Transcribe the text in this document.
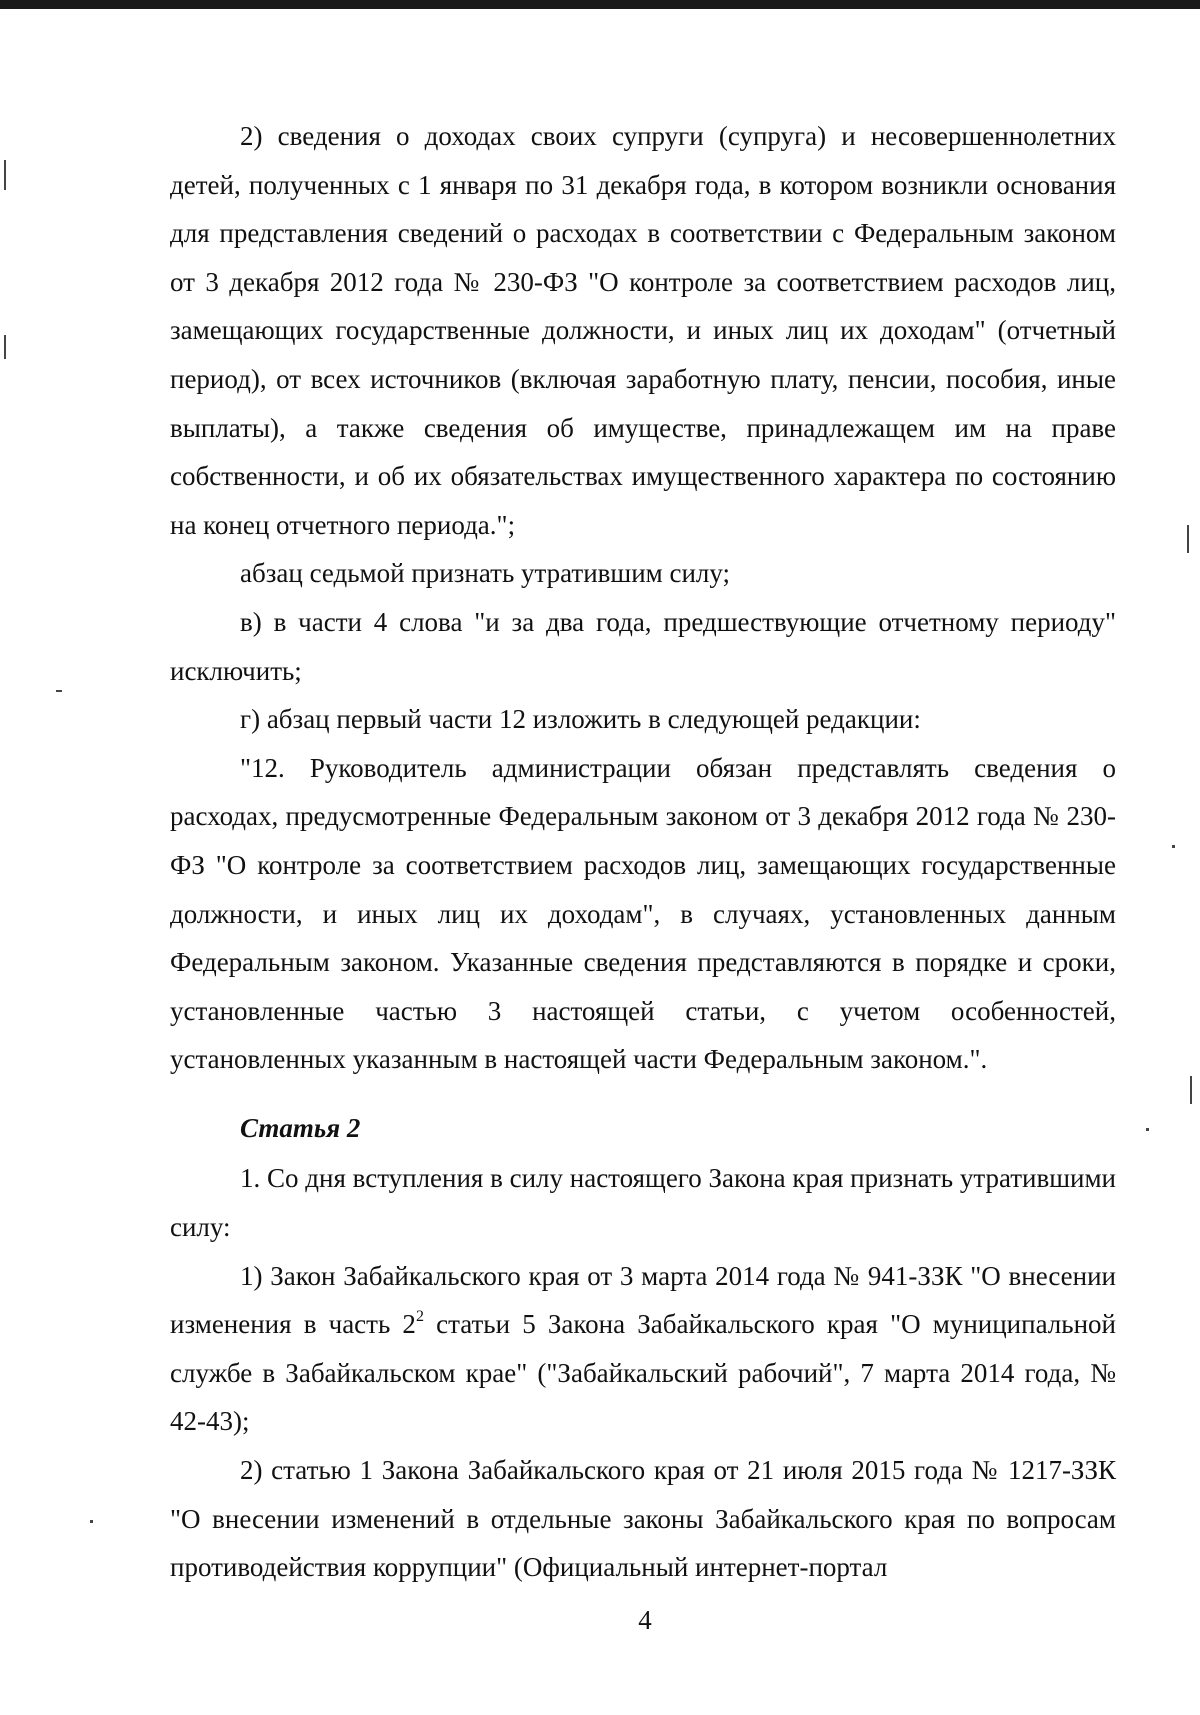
2) сведения о доходах своих супруги (супруга) и несовершеннолетних детей, полученных с 1 января по 31 декабря года, в котором возникли основания для представления сведений о расходах в соответствии с Федеральным законом от 3 декабря 2012 года № 230-ФЗ "О контроле за соответствием расходов лиц, замещающих государственные должности, и иных лиц их доходам" (отчетный период), от всех источников (включая заработную плату, пенсии, пособия, иные выплаты), а также сведения об имуществе, принадлежащем им на праве собственности, и об их обязательствах имущественного характера по состоянию на конец отчетного периода.";

абзац седьмой признать утратившим силу;

в) в части 4 слова "и за два года, предшествующие отчетному периоду" исключить;

г) абзац первый части 12 изложить в следующей редакции:

"12. Руководитель администрации обязан представлять сведения о расходах, предусмотренные Федеральным законом от 3 декабря 2012 года № 230-ФЗ "О контроле за соответствием расходов лиц, замещающих государственные должности, и иных лиц их доходам", в случаях, установленных данным Федеральным законом. Указанные сведения представляются в порядке и сроки, установленные частью 3 настоящей статьи, с учетом особенностей, установленных указанным в настоящей части Федеральным законом.".

Статья 2

1. Со дня вступления в силу настоящего Закона края признать утратившими силу:

1) Закон Забайкальского края от 3 марта 2014 года № 941-ЗЗК "О внесении изменения в часть $2^2$ статьи 5 Закона Забайкальского края "О муниципальной службе в Забайкальском крае" ("Забайкальский рабочий", 7 марта 2014 года, № 42-43);

2) статью 1 Закона Забайкальского края от 21 июля 2015 года № 1217-ЗЗК "О внесении изменений в отдельные законы Забайкальского края по вопросам противодействия коррупции" (Официальный интернет-портал

4
